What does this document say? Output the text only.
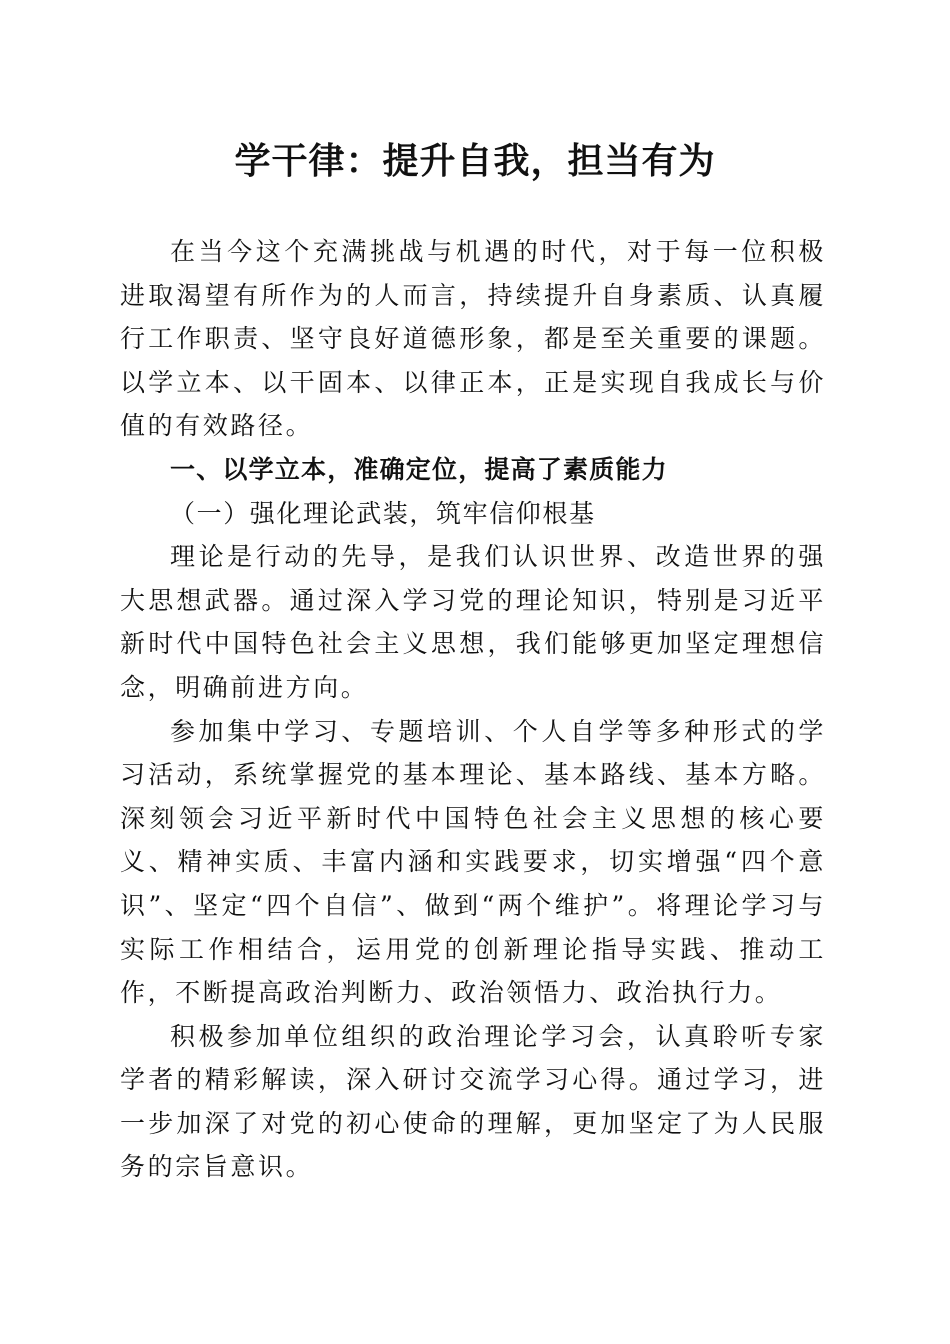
学干律：提升自我，担当有为

在当今这个充满挑战与机遇的时代，对于每一位积极进取渴望有所作为的人而言，持续提升自身素质、认真履行工作职责、坚守良好道德形象，都是至关重要的课题。以学立本、以干固本、以律正本，正是实现自我成长与价值的有效路径。

一、以学立本，准确定位，提高了素质能力

（一）强化理论武装，筑牢信仰根基

理论是行动的先导，是我们认识世界、改造世界的强大思想武器。通过深入学习党的理论知识，特别是习近平新时代中国特色社会主义思想，我们能够更加坚定理想信念，明确前进方向。

参加集中学习、专题培训、个人自学等多种形式的学习活动，系统掌握党的基本理论、基本路线、基本方略。深刻领会习近平新时代中国特色社会主义思想的核心要义、精神实质、丰富内涵和实践要求，切实增强“四个意识”、坚定“四个自信”、做到“两个维护”。将理论学习与实际工作相结合，运用党的创新理论指导实践、推动工作，不断提高政治判断力、政治领悟力、政治执行力。

积极参加单位组织的政治理论学习会，认真聆听专家学者的精彩解读，深入研讨交流学习心得。通过学习，进一步加深了对党的初心使命的理解，更加坚定了为人民服务的宗旨意识。
